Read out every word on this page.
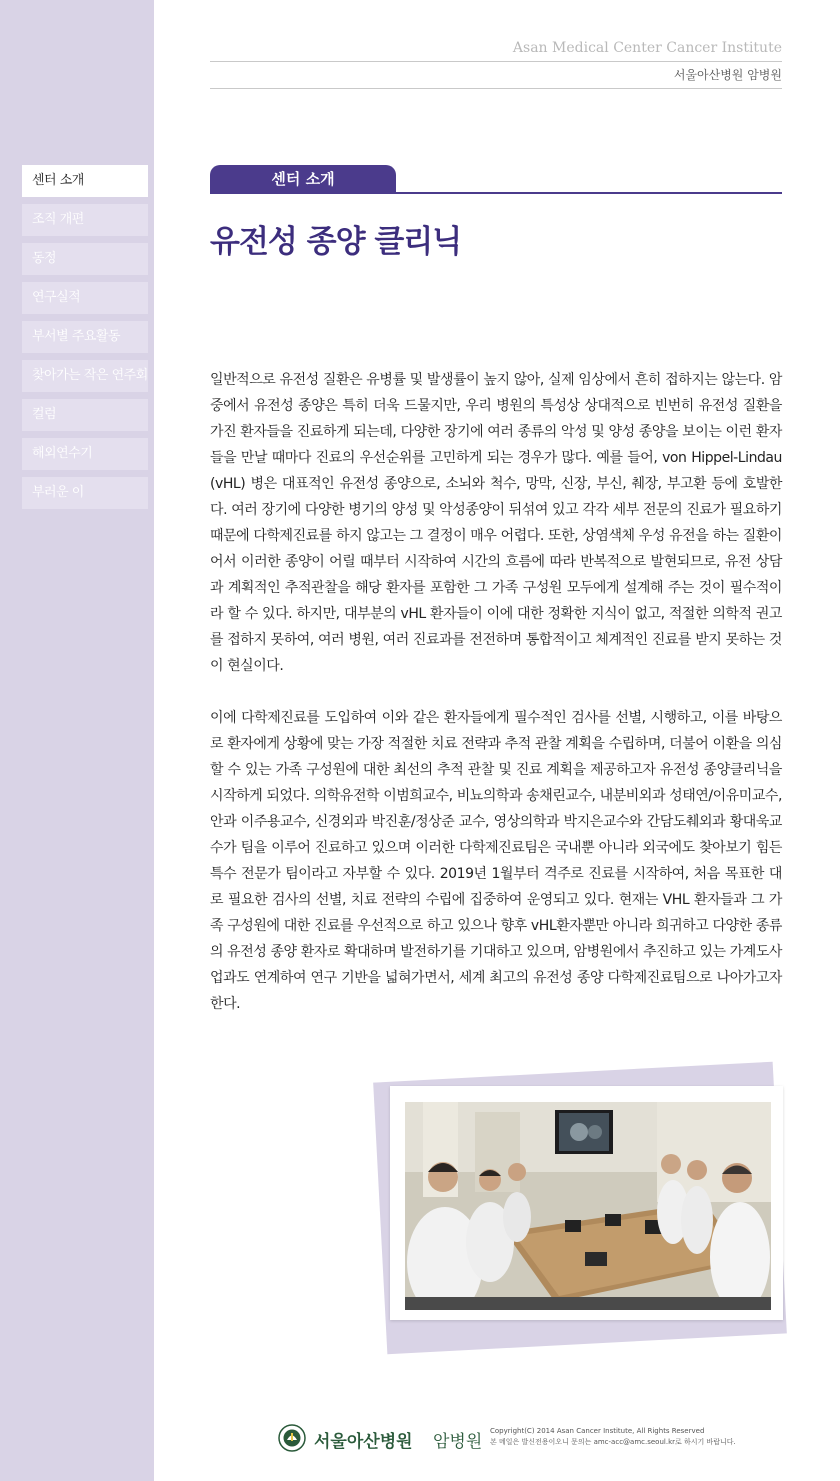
센터 소개
조직 개편
동정
연구실적
부서별 주요활동
찾아가는 작은 연주회
컬럼
해외연수기
부러운 이
Asan Medical Center Cancer Institute
서울아산병원 암병원
센터 소개
유전성 종양 클리닉

일반적으로 유전성 질환은 유병률 및 발생률이 높지 않아, 실제 임상에서 흔히 접하지는 않는다. 암 중에서 유전성 종양은 특히 더욱 드물지만, 우리 병원의 특성상 상대적으로 빈번히 유전성 질환을 가진 환자들을 진료하게 되는데, 다양한 장기에 여러 종류의 악성 및 양성 종양을 보이는 이런 환자들을 만날 때마다 진료의 우선순위를 고민하게 되는 경우가 많다. 예를 들어, von Hippel-Lindau (vHL) 병은 대표적인 유전성 종양으로, 소뇌와 척수, 망막, 신장, 부신, 췌장, 부고환 등에 호발한다. 여러 장기에 다양한 병기의 양성 및 악성종양이 뒤섞여 있고 각각 세부 전문의 진료가 필요하기 때문에 다학제진료를 하지 않고는 그 결정이 매우 어렵다. 또한, 상염색체 우성 유전을 하는 질환이어서 이러한 종양이 어릴 때부터 시작하여 시간의 흐름에 따라 반복적으로 발현되므로, 유전 상담과 계획적인 추적관찰을 해당 환자를 포함한 그 가족 구성원 모두에게 설계해 주는 것이 필수적이라 할 수 있다. 하지만, 대부분의 vHL 환자들이 이에 대한 정확한 지식이 없고, 적절한 의학적 권고를 접하지 못하여, 여러 병원, 여러 진료과를 전전하며 통합적이고 체계적인 진료를 받지 못하는 것이 현실이다.

이에 다학제진료를 도입하여 이와 같은 환자들에게 필수적인 검사를 선별, 시행하고, 이를 바탕으로 환자에게 상황에 맞는 가장 적절한 치료 전략과 추적 관찰 계획을 수립하며, 더불어 이환을 의심할 수 있는 가족 구성원에 대한 최선의 추적 관찰 및 진료 계획을 제공하고자 유전성 종양클리닉을 시작하게 되었다. 의학유전학 이범희교수, 비뇨의학과 송채린교수, 내분비외과 성태연/이유미교수, 안과 이주용교수, 신경외과 박진훈/정상준 교수, 영상의학과 박지은교수와 간담도췌외과 황대욱교수가 팀을 이루어 진료하고 있으며 이러한 다학제진료팀은 국내뿐 아니라 외국에도 찾아보기 힘든 특수 전문가 팀이라고 자부할 수 있다. 2019년 1월부터 격주로 진료를 시작하여, 처음 목표한 대로 필요한 검사의 선별, 치료 전략의 수립에 집중하여 운영되고 있다. 현재는 VHL 환자들과 그 가족 구성원에 대한 진료를 우선적으로 하고 있으나 향후 vHL환자뿐만 아니라 희귀하고 다양한 종류의 유전성 종양 환자로 확대하며 발전하기를 기대하고 있으며, 암병원에서 추진하고 있는 가계도사업과도 연계하여 연구 기반을 넓혀가면서, 세계 최고의 유전성 종양 다학제진료팀으로 나아가고자 한다.

서울아산병원 암병원
Copyright(C) 2014 Asan Cancer Institute, All Rights Reserved
본 메일은 발신전용이오니 문의는 amc-acc@amc.seoul.kr로 하시기 바랍니다.
